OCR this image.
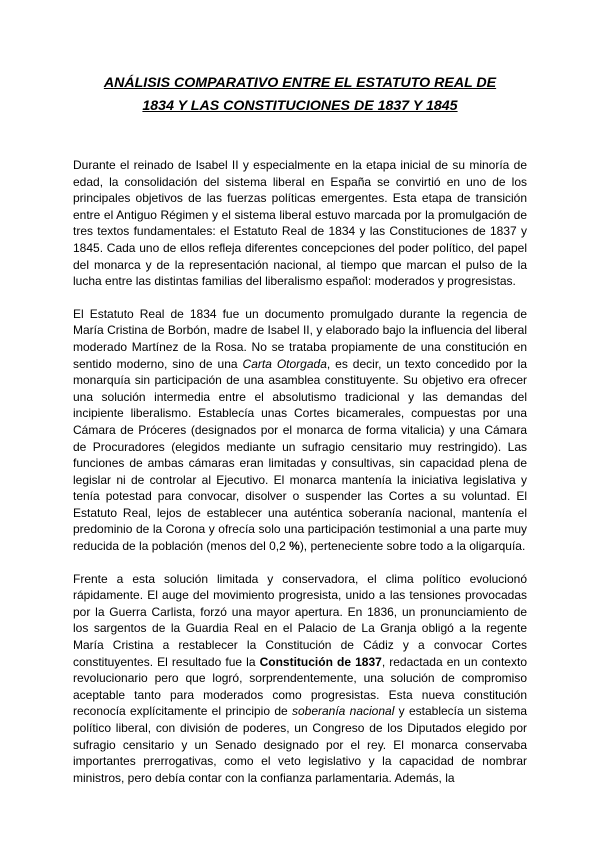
ANÁLISIS COMPARATIVO ENTRE EL ESTATUTO REAL DE
1834 Y LAS CONSTITUCIONES DE 1837 Y 1845

Durante el reinado de Isabel II y especialmente en la etapa inicial de su minoría de edad, la consolidación del sistema liberal en España se convirtió en uno de los principales objetivos de las fuerzas políticas emergentes. Esta etapa de transición entre el Antiguo Régimen y el sistema liberal estuvo marcada por la promulgación de tres textos fundamentales: el Estatuto Real de 1834 y las Constituciones de 1837 y 1845. Cada uno de ellos refleja diferentes concepciones del poder político, del papel del monarca y de la representación nacional, al tiempo que marcan el pulso de la lucha entre las distintas familias del liberalismo español: moderados y progresistas.

El Estatuto Real de 1834 fue un documento promulgado durante la regencia de María Cristina de Borbón, madre de Isabel II, y elaborado bajo la influencia del liberal moderado Martínez de la Rosa. No se trataba propiamente de una constitución en sentido moderno, sino de una Carta Otorgada, es decir, un texto concedido por la monarquía sin participación de una asamblea constituyente. Su objetivo era ofrecer una solución intermedia entre el absolutismo tradicional y las demandas del incipiente liberalismo. Establecía unas Cortes bicamerales, compuestas por una Cámara de Próceres (designados por el monarca de forma vitalicia) y una Cámara de Procuradores (elegidos mediante un sufragio censitario muy restringido). Las funciones de ambas cámaras eran limitadas y consultivas, sin capacidad plena de legislar ni de controlar al Ejecutivo. El monarca mantenía la iniciativa legislativa y tenía potestad para convocar, disolver o suspender las Cortes a su voluntad. El Estatuto Real, lejos de establecer una auténtica soberanía nacional, mantenía el predominio de la Corona y ofrecía solo una participación testimonial a una parte muy reducida de la población (menos del 0,2 %), perteneciente sobre todo a la oligarquía.

Frente a esta solución limitada y conservadora, el clima político evolucionó rápidamente. El auge del movimiento progresista, unido a las tensiones provocadas por la Guerra Carlista, forzó una mayor apertura. En 1836, un pronunciamiento de los sargentos de la Guardia Real en el Palacio de La Granja obligó a la regente María Cristina a restablecer la Constitución de Cádiz y a convocar Cortes constituyentes. El resultado fue la Constitución de 1837, redactada en un contexto revolucionario pero que logró, sorprendentemente, una solución de compromiso aceptable tanto para moderados como progresistas. Esta nueva constitución reconocía explícitamente el principio de soberanía nacional y establecía un sistema político liberal, con división de poderes, un Congreso de los Diputados elegido por sufragio censitario y un Senado designado por el rey. El monarca conservaba importantes prerrogativas, como el veto legislativo y la capacidad de nombrar ministros, pero debía contar con la confianza parlamentaria. Además, la
